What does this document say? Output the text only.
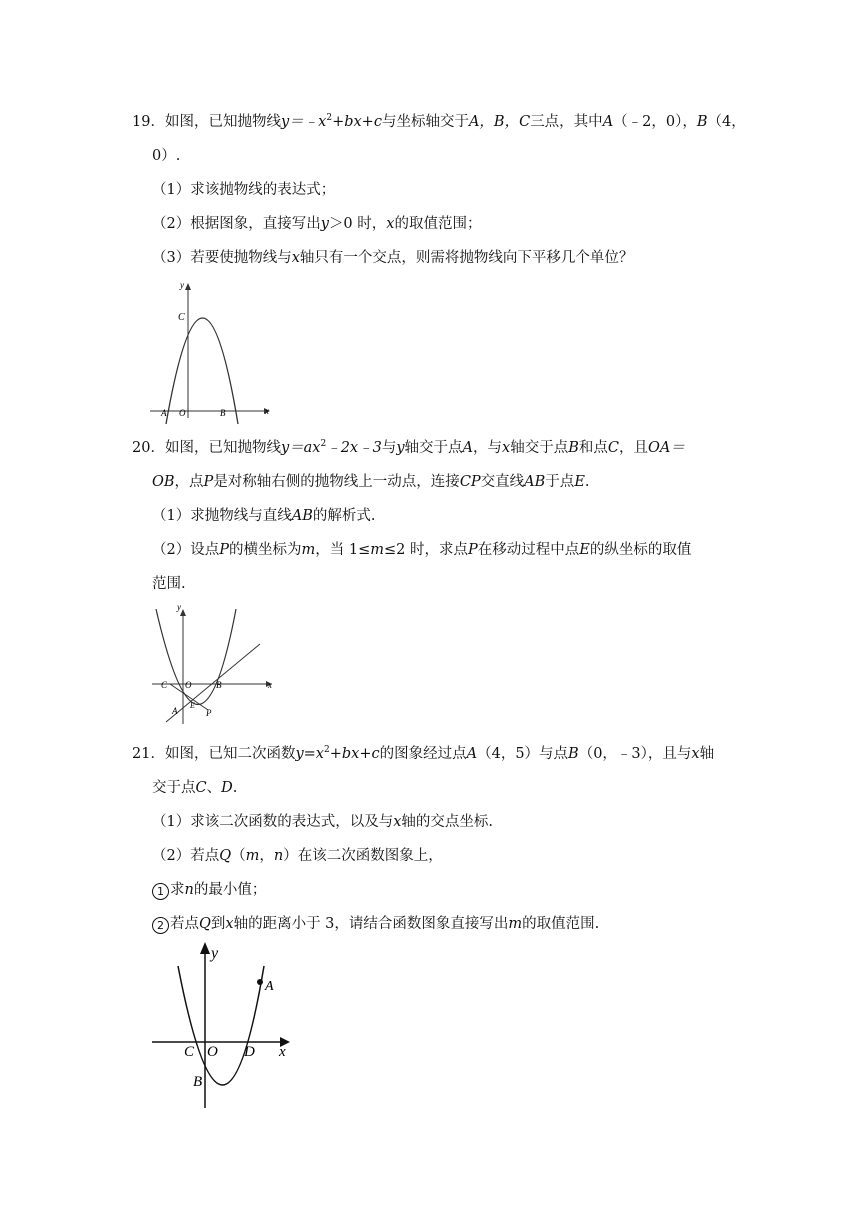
19．如图，已知抛物线$y=﹣x^2+bx+c$与坐标轴交于A，B，C三点，其中A（﹣2，0），B（4，
0）.
（1）求该抛物线的表达式；
（2）根据图象，直接写出y＞0 时，x的取值范围；
（3）若要使抛物线与x轴只有一个交点，则需将抛物线向下平移几个单位？
y
x
C
A O	B
20．如图，已知抛物线$y=ax^2﹣2x﹣3$与y轴交于点A，与x轴交于点B和点C，且OA＝
OB，点P是对称轴右侧的抛物线上一动点，连接CP交直线AB于点E.
（1）求抛物线与直线AB的解析式.
（2）设点P的横坐标为m，当 1≤m≤2 时，求点P在移动过程中点E的纵坐标的取值
范围.
y
x
C O	B
A
E
P
21．如图，已知二次函数$y=x^2+bx+c$的图象经过点A（4，5）与点B（0，﹣3），且与x轴
交于点C、D.
（1）求该二次函数的表达式，以及与x轴的交点坐标.
（2）若点Q（m，n）在该二次函数图象上，
1 求n的最小值；
2 若点Q到x轴的距离小于 3，请结合函数图象直接写出m的取值范围.
y
x
A
C O D
B
